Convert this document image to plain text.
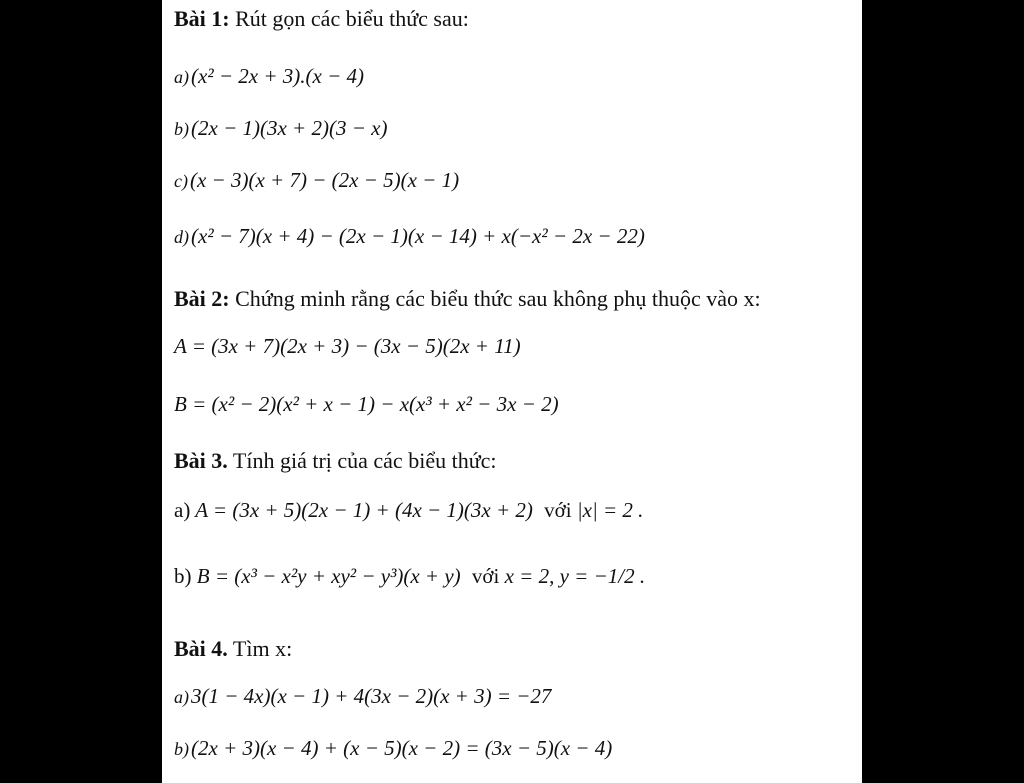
Bài 1: Rút gọn các biểu thức sau:
a)(x² − 2x + 3).(x − 4)
b)(2x − 1)(3x + 2)(3 − x)
c)(x − 3)(x + 7) − (2x − 5)(x − 1)
d)(x² − 7)(x + 4) − (2x − 1)(x − 14) + x(−x² − 2x − 22)
Bài 2: Chứng minh rằng các biểu thức sau không phụ thuộc vào x:
A = (3x + 7)(2x + 3) − (3x − 5)(2x + 11)
B = (x² − 2)(x² + x − 1) − x(x³ + x² − 3x − 2)
Bài 3. Tính giá trị của các biểu thức:
a) A = (3x + 5)(2x − 1) + (4x − 1)(3x + 2) với |x| = 2 .
b) B = (x³ − x²y + xy² − y³)(x + y) với x = 2, y = −1/2 .
Bài 4. Tìm x:
a)3(1 − 4x)(x − 1) + 4(3x − 2)(x + 3) = −27
b)(2x + 3)(x − 4) + (x − 5)(x − 2) = (3x − 5)(x − 4)
